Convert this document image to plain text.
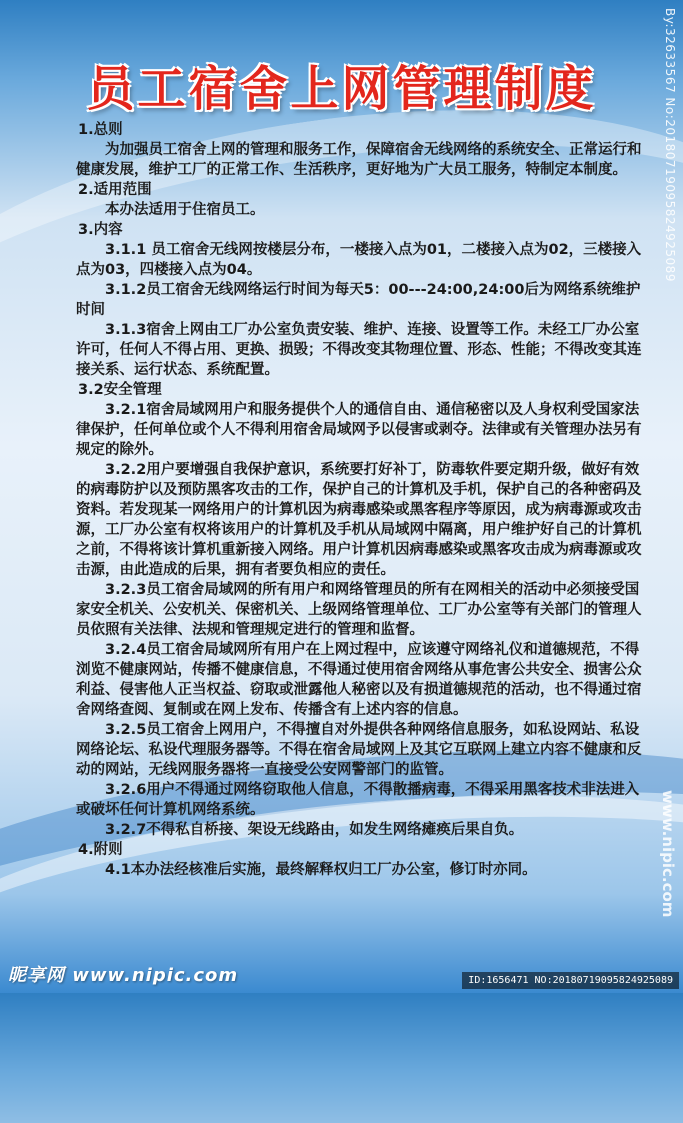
员工宿舍上网管理制度

1.总则

为加强员工宿舍上网的管理和服务工作，保障宿舍无线网络的系统安全、正常运行和健康发展，维护工厂的正常工作、生活秩序，更好地为广大员工服务，特制定本制度。

2.适用范围

本办法适用于住宿员工。

3.内容

3.1.1 员工宿舍无线网按楼层分布，一楼接入点为01，二楼接入点为02，三楼接入点为03，四楼接入点为04。

3.1.2员工宿舍无线网络运行时间为每天5：00---24:00,24:00后为网络系统维护时间

3.1.3宿舍上网由工厂办公室负责安装、维护、连接、设置等工作。未经工厂办公室许可，任何人不得占用、更换、损毁；不得改变其物理位置、形态、性能；不得改变其连接关系、运行状态、系统配置。

3.2安全管理

3.2.1宿舍局域网用户和服务提供个人的通信自由、通信秘密以及人身权利受国家法律保护，任何单位或个人不得利用宿舍局域网予以侵害或剥夺。法律或有关管理办法另有规定的除外。

3.2.2用户要增强自我保护意识，系统要打好补丁，防毒软件要定期升级，做好有效的病毒防护以及预防黑客攻击的工作，保护自己的计算机及手机，保护自己的各种密码及资料。若发现某一网络用户的计算机因为病毒感染或黑客程序等原因，成为病毒源或攻击源，工厂办公室有权将该用户的计算机及手机从局域网中隔离，用户维护好自己的计算机之前，不得将该计算机重新接入网络。用户计算机因病毒感染或黑客攻击成为病毒源或攻击源，由此造成的后果，拥有者要负相应的责任。

3.2.3员工宿舍局域网的所有用户和网络管理员的所有在网相关的活动中必须接受国家安全机关、公安机关、保密机关、上级网络管理单位、工厂办公室等有关部门的管理人员依照有关法律、法规和管理规定进行的管理和监督。

3.2.4员工宿舍局域网所有用户在上网过程中，应该遵守网络礼仪和道德规范，不得浏览不健康网站，传播不健康信息，不得通过使用宿舍网络从事危害公共安全、损害公众利益、侵害他人正当权益、窃取或泄露他人秘密以及有损道德规范的活动，也不得通过宿舍网络查阅、复制或在网上发布、传播含有上述内容的信息。

3.2.5员工宿舍上网用户，不得擅自对外提供各种网络信息服务，如私设网站、私设网络论坛、私设代理服务器等。不得在宿舍局域网上及其它互联网上建立内容不健康和反动的网站，无线网服务器将一直接受公安网警部门的监管。

3.2.6用户不得通过网络窃取他人信息，不得散播病毒，不得采用黑客技术非法进入或破坏任何计算机网络系统。

3.2.7不得私自桥接、架设无线路由，如发生网络瘫痪后果自负。

4.附则

4.1本办法经核准后实施，最终解释权归工厂办公室，修订时亦同。

By:32633567 No:20180719095824925089
www.nipic.com
昵享网 www.nipic.com	ID:1656471 NO:20180719095824925089
